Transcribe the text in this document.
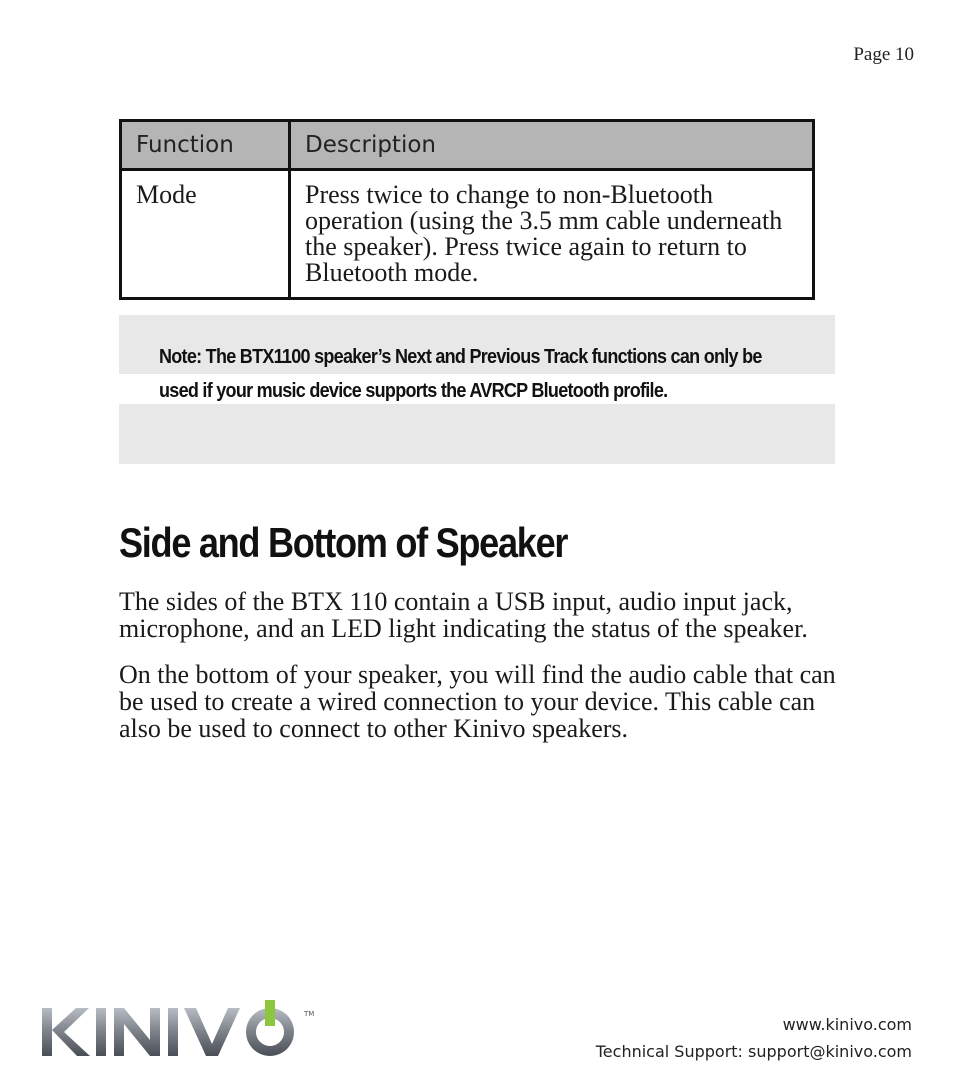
Page 10
Function	Description
Mode	Press twice to change to non-Bluetooth operation (using the 3.5 mm cable underneath the speaker). Press twice again to return to Bluetooth mode.
Note: The BTX1100 speaker’s Next and Previous Track functions can only be used if your music device supports the AVRCP Bluetooth profile.
Side and Bottom of Speaker

The sides of the BTX 110 contain a USB input, audio input jack, microphone, and an LED light indicating the status of the speaker.

On the bottom of your speaker, you will find the audio cable that can be used to create a wired connection to your device. This cable can also be used to connect to other Kinivo speakers.

TM
www.kinivo.com
Technical Support: support@kinivo.com
